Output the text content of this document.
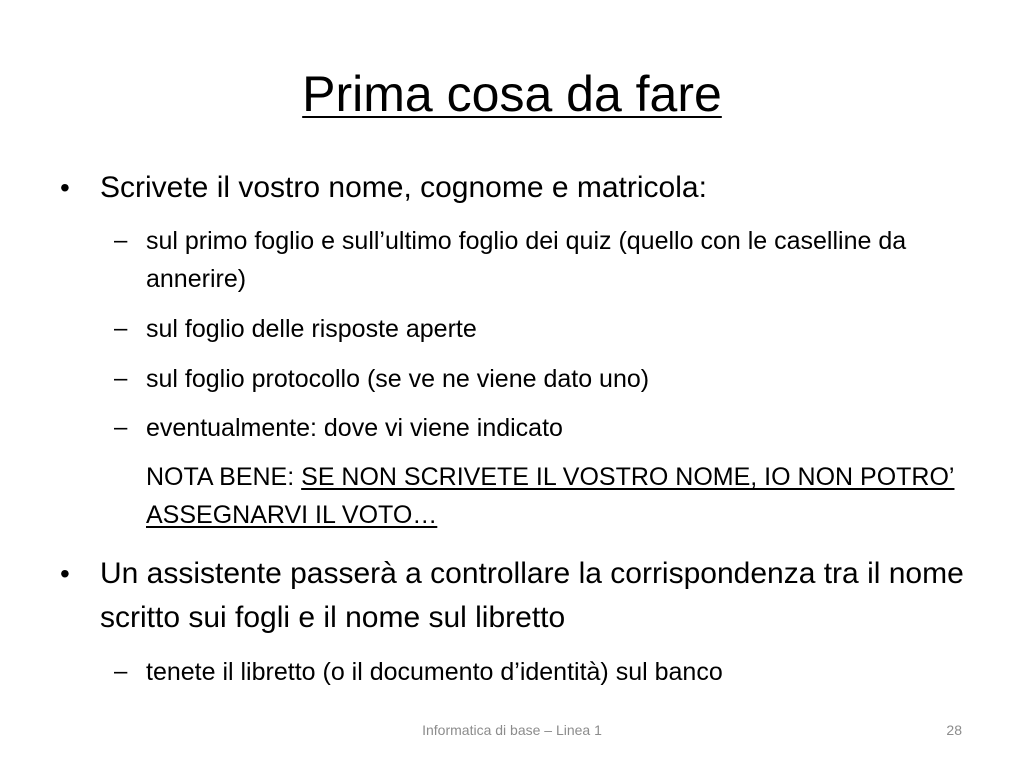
Prima cosa da fare
• Scrivete il vostro nome, cognome e matricola:
– sul primo foglio e sull’ultimo foglio dei quiz (quello con le caselline da annerire)
– sul foglio delle risposte aperte
– sul foglio protocollo (se ve ne viene dato uno)
– eventualmente: dove vi viene indicato
NOTA BENE: SE NON SCRIVETE IL VOSTRO NOME, IO NON POTRO’ ASSEGNARVI IL VOTO…
• Un assistente passerà a controllare la corrispondenza tra il nome scritto sui fogli e il nome sul libretto
– tenete il libretto (o il documento d’identità) sul banco
Informatica di base – Linea 1	28
